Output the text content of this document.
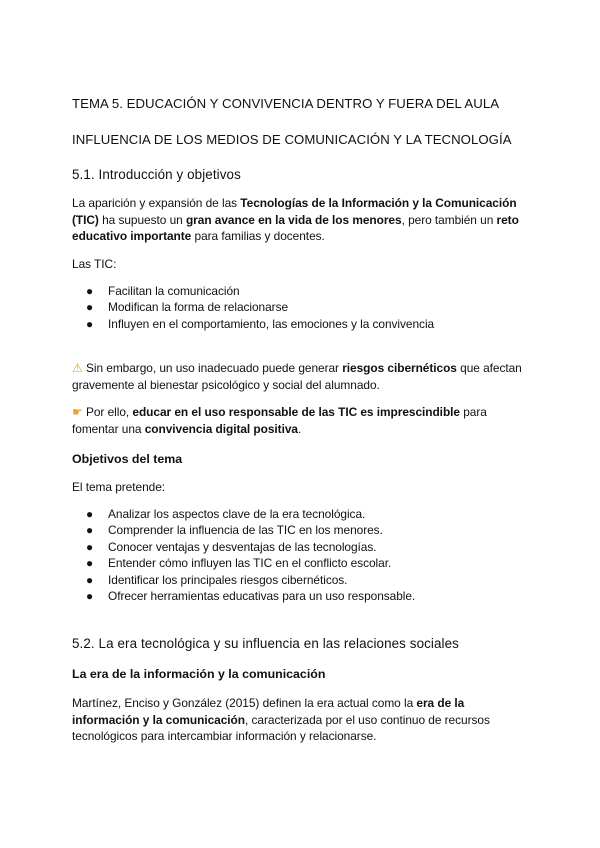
TEMA 5. EDUCACIÓN Y CONVIVENCIA DENTRO Y FUERA DEL AULA
INFLUENCIA DE LOS MEDIOS DE COMUNICACIÓN Y LA TECNOLOGÍA
5.1. Introducción y objetivos

La aparición y expansión de las Tecnologías de la Información y la Comunicación (TIC) ha supuesto un gran avance en la vida de los menores, pero también un reto educativo importante para familias y docentes.

Las TIC:

● Facilitan la comunicación
● Modifican la forma de relacionarse
● Influyen en el comportamiento, las emociones y la convivencia

⚠ Sin embargo, un uso inadecuado puede generar riesgos cibernéticos que afectan gravemente al bienestar psicológico y social del alumnado.

☛ Por ello, educar en el uso responsable de las TIC es imprescindible para fomentar una convivencia digital positiva.

Objetivos del tema

El tema pretende:

● Analizar los aspectos clave de la era tecnológica.
● Comprender la influencia de las TIC en los menores.
● Conocer ventajas y desventajas de las tecnologías.
● Entender cómo influyen las TIC en el conflicto escolar.
● Identificar los principales riesgos cibernéticos.
● Ofrecer herramientas educativas para un uso responsable.
5.2. La era tecnológica y su influencia en las relaciones sociales
La era de la información y la comunicación

Martínez, Enciso y González (2015) definen la era actual como la era de la información y la comunicación, caracterizada por el uso continuo de recursos tecnológicos para intercambiar información y relacionarse.
